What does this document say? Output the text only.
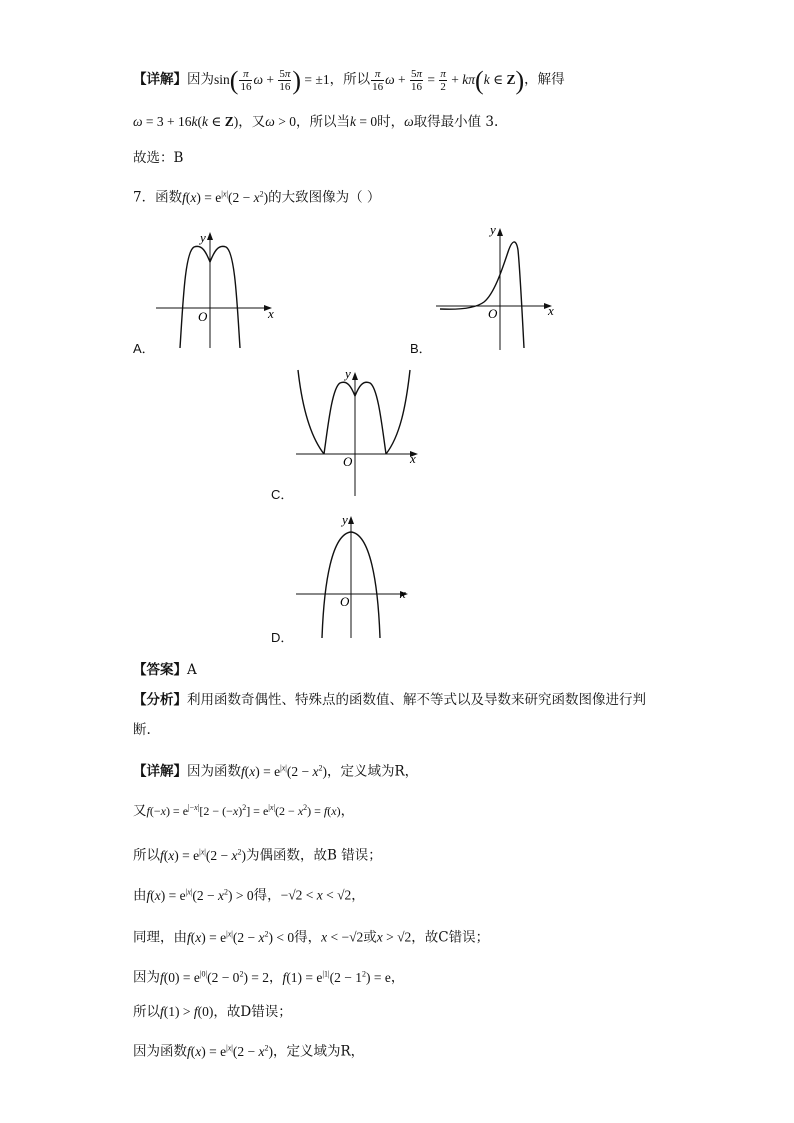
【详解】因为$\sin( \frac{\pi}{16}$ $\omega + \frac{5\pi}{16}$ ) = ±1，所以 $\frac{\pi}{16}$ $\omega + \frac{5\pi}{16} = \frac{\pi}{2} + k\pi(k$ ∈ Z)，解得
ω = 3 + 16k(k ∈ Z)，又ω > 0，所以当k = 0时，ω取得最小值 3.
故选：B
7．函数$f(x) = e^{|x|}(2 - x^2)$的大致图像为（ ）
x
y
O
A．
x
y
O
B．
x
y
O
C．
x
y
O
D．
【答案】A
【分析】利用函数奇偶性、特殊点的函数值、解不等式以及导数来研究函数图像进行判
断.
【详解】因为函数$f(x) = e^{|x|}(2 - x^2)$，定义域为R，
又$f(-x) = e^{|-x|}[2 - (-x)^2] = e^{|x|}(2 - x^2) = f(x)$，
所以$f(x) = e^{|x|}(2 - x^2)$为偶函数，故B 错误；
由$f(x) = e^{|x|}(2 - x^2) > 0$得，−√2 < x < √2，
同理，由$f(x) = e^{|x|}(2 - x^2) < 0$得，x < −√2或x > √2，故C错误；
因为$f(0) = e^{|0|}(2 - 0^2) = 2$，$f(1) = e^{|1|}(2 - 1^2) = e$，
所以f(1) > f(0)，故D错误；
因为函数$f(x) = e^{|x|}(2 - x^2)$，定义域为R，
